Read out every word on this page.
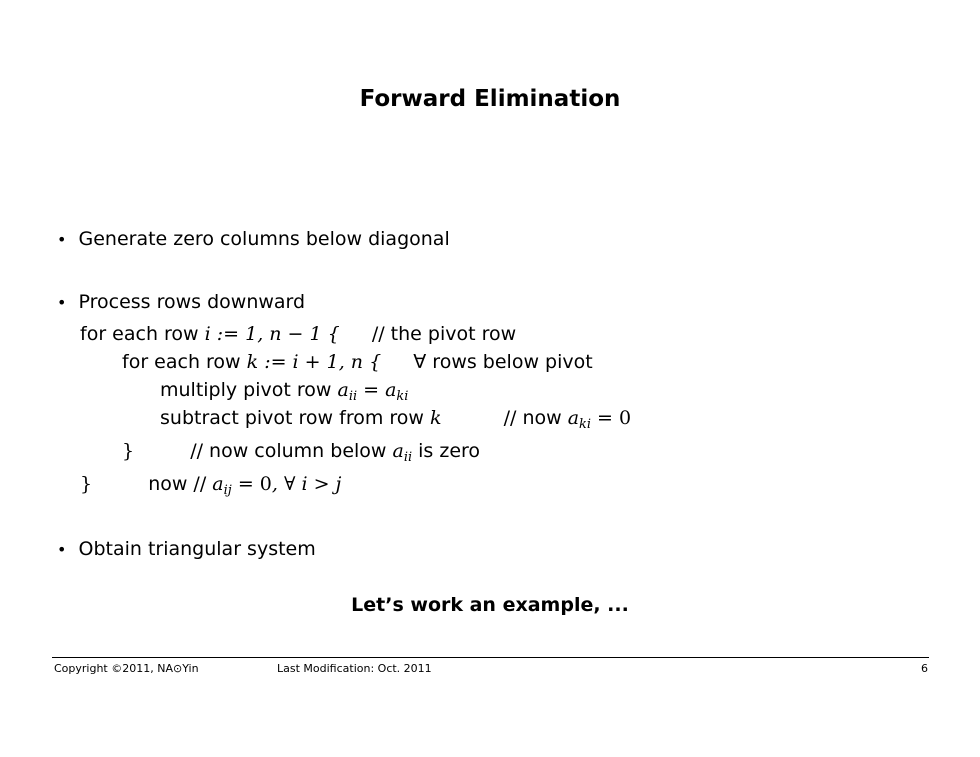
Forward Elimination
• Generate zero columns below diagonal
• Process rows downward
for each row i := 1, n − 1 { // the pivot row
for each row k := i + 1, n { ∀ rows below pivot
multiply pivot row $a_{ii} = a_{ki}$
subtract pivot row from row k	// now $a_{ki} = 0$
}	// now column below $a_{ii}$ is zero
}	now // $a_{ij} = 0$, ∀ i > j
• Obtain triangular system
Let’s work an example, ...
Copyright ©2011, NA⊙Yin	Last Modification: Oct. 2011	6
